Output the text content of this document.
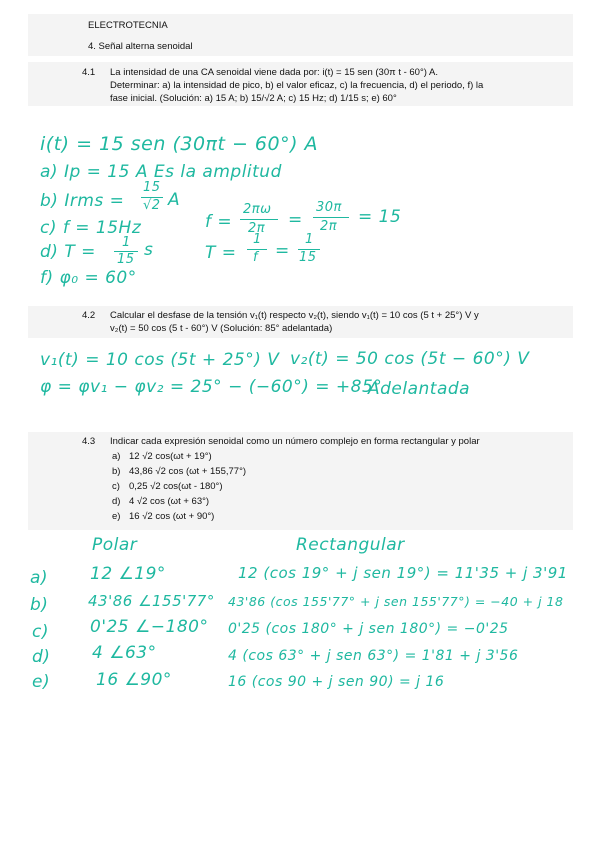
ELECTROTECNIA
4. Señal alterna senoidal
4.1 La intensidad de una CA senoidal viene dada por: i(t) = 15 sen (30π t - 60°) A.
Determinar: a) la intensidad de pico, b) el valor eficaz, c) la frecuencia, d) el periodo, f) la
fase inicial. (Solución: a) 15 A; b) 15/√2 A; c) 15 Hz; d) 1/15 s; e) 60°
i(t) = 15 sen (30πt − 60°) A
a) Ip = 15 A Es la amplitud
b) Irms =
15
√2 A
c) f = 15Hz
d) T = 1
15 s
f) φ₀ = 60°
f =
2πω
2π =
30π
2π = 15
T =
1
f =
1
15
4.2 Calcular el desfase de la tensión v₁(t) respecto v₂(t), siendo v₁(t) = 10 cos (5 t + 25°) V y
v₂(t) = 50 cos (5 t - 60°) V (Solución: 85° adelantada)
v₁(t) = 10 cos (5t + 25°) V v₂(t) = 50 cos (5t − 60°) V
φ = φv₁ − φv₂ = 25° − (−60°) = +85°
Adelantada
4.3 Indicar cada expresión senoidal como un número complejo en forma rectangular y polar
a) 12 √2 cos(ωt + 19°)
b) 43,86 √2 cos (ωt + 155,77°)
c) 0,25 √2 cos(ωt - 180°)
d) 4 √2 cos (ωt + 63°)
e) 16 √2 cos (ωt + 90°)
Polar	Rectangular
a) 12 ∠19°	12 (cos 19° + j sen 19°) = 11'35 + j 3'91
b)	43'86 ∠155'77° 43'86 (cos 155'77° + j sen 155'77°) = −40 + j 18
c) 0'25 ∠−180° 0'25 (cos 180° + j sen 180°) = −0'25
d) 4 ∠63°	4 (cos 63° + j sen 63°) = 1'81 + j 3'56
e)	16 ∠90°	16 (cos 90 + j sen 90) = j 16
